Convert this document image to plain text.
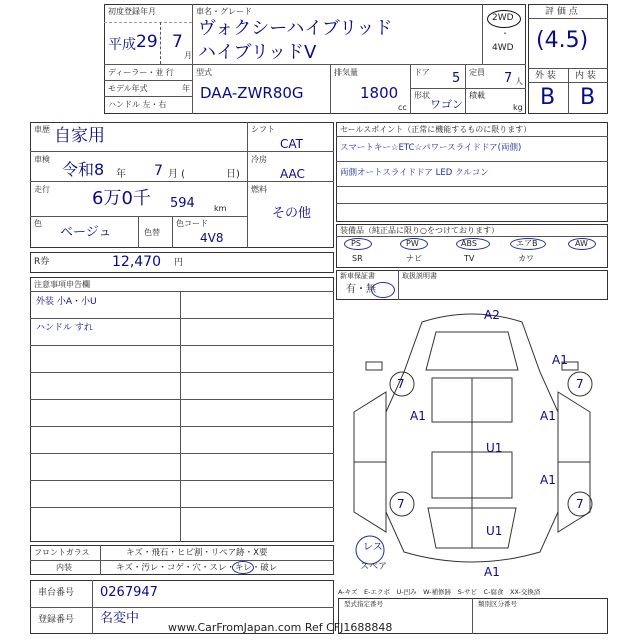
初度登録年月
平成 29 7
月
車名・グレード
ヴォクシーハイブリッド
ハイブリッドV
2WD
・
4WD
ディーラー・並 行
モデル年式	年
ハンドル 左・右
型式
DAA-ZWR80G
排気量
1800
cc
ドア 5 定員 7 人
形状
ワゴン
積載
kg
評 価 点
(4.5)
外 装 内 装
B B
車歴 自家用
車検
令和8 年 7 月 (	日)
走行 6万0千 594 km
色
ベージュ	色替
色コード
4V8
シフト
CAT
冷房
AAC
燃料
その他
R券	12,470 円
注意事項申告欄
外装 小A・小U
ハンドル すれ
セールスポイント（正常に機能するものに限ります）
スマートキー☆ETC☆パワースライドドア(両側)
両側オートスライドドア LED クルコン
装備品（純正品に限り○をつけております）
PS	PW	ABS	エアB	AW
SR	ナビ	TV	カワ
新車保証書
有・無
取扱説明書
A2
A1
7	7
A1	A1
U1
A1
7	7
U1
A1
レス
スペア
フロントガラス	キズ・飛石・ヒビ割・リペア跡・X要
内装	キズ・汚レ・コゲ・穴・スレ・キレ・破レ
車台番号 0267947
登録番号 名変中
A-キズ　E-エクボ　U-凹み　W-補修跡　S-サビ　C-腐食　XX-交換済
型式指定番号	類別区分番号
www.CarFromJapan.com Ref CFJ1688848
